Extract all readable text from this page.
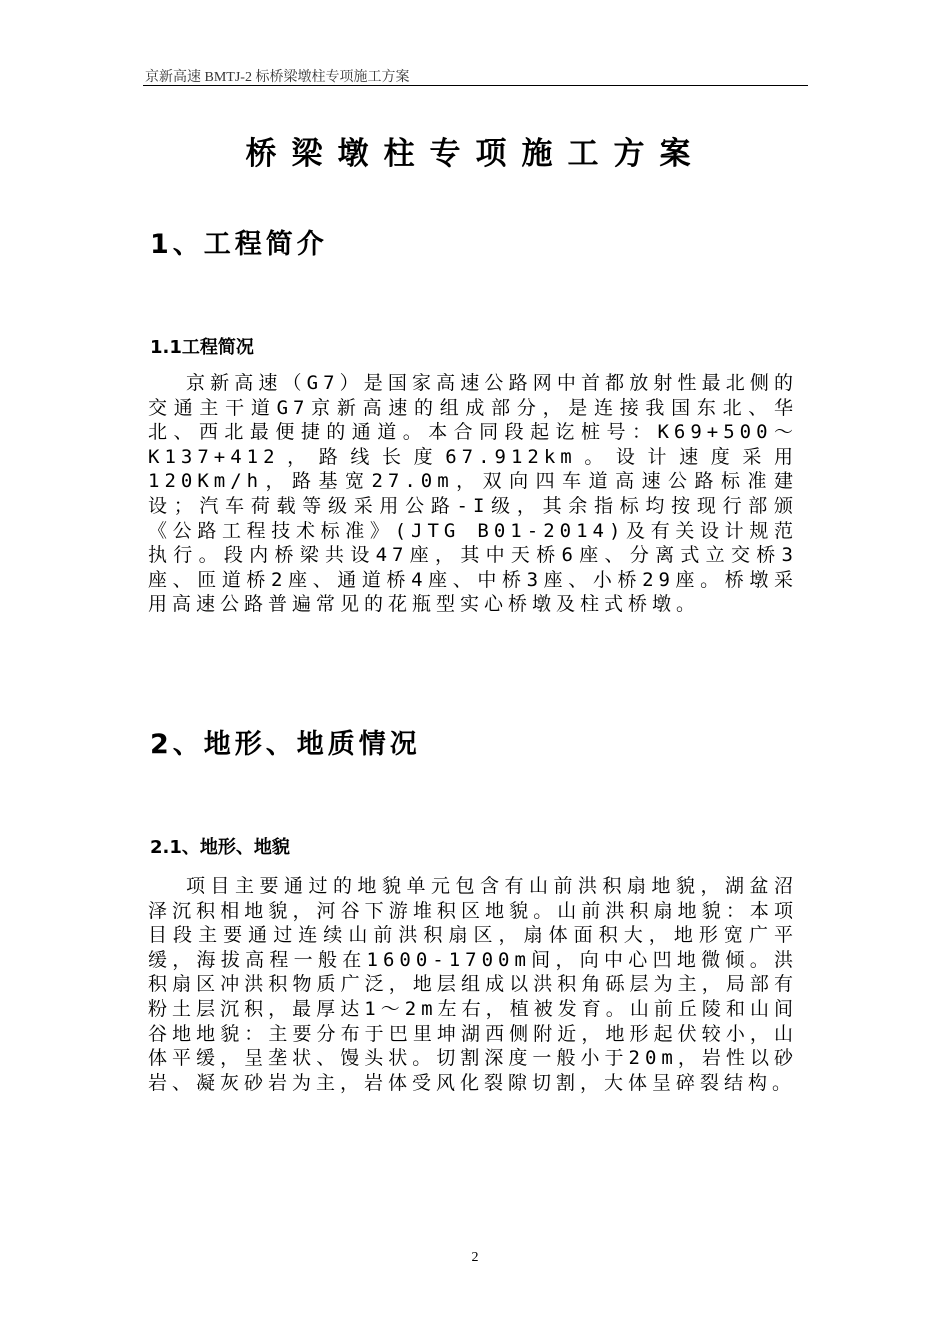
京新高速 BMTJ-2 标桥梁墩柱专项施工方案
桥梁墩柱专项施工方案
1、工程简介
1.1工程简况

京新高速（G7）是国家高速公路网中首都放射性最北侧的交通主干道G7京新高速的组成部分，是连接我国东北、华北、西北最便捷的通道。本合同段起讫桩号：K69+500～K137+412，路线长度67.912km。设计速度采用120Km/h，路基宽27.0m，双向四车道高速公路标准建设；汽车荷载等级采用公路-I级，其余指标均按现行部颁《公路工程技术标准》(JTG B01-2014)及有关设计规范执行。段内桥梁共设47座，其中天桥6座、分离式立交桥3座、匝道桥2座、通道桥4座、中桥3座、小桥29座。桥墩采用高速公路普遍常见的花瓶型实心桥墩及柱式桥墩。

2、地形、地质情况
2.1、地形、地貌

项目主要通过的地貌单元包含有山前洪积扇地貌，湖盆沼泽沉积相地貌，河谷下游堆积区地貌。山前洪积扇地貌：本项目段主要通过连续山前洪积扇区，扇体面积大，地形宽广平缓，海拔高程一般在1600-1700m间，向中心凹地微倾。洪积扇区冲洪积物质广泛，地层组成以洪积角砾层为主，局部有粉土层沉积，最厚达1～2m左右，植被发育。山前丘陵和山间谷地地貌：主要分布于巴里坤湖西侧附近，地形起伏较小，山体平缓，呈垄状、馒头状。切割深度一般小于20m，岩性以砂岩、凝灰砂岩为主，岩体受风化裂隙切割，大体呈碎裂结构。

2
